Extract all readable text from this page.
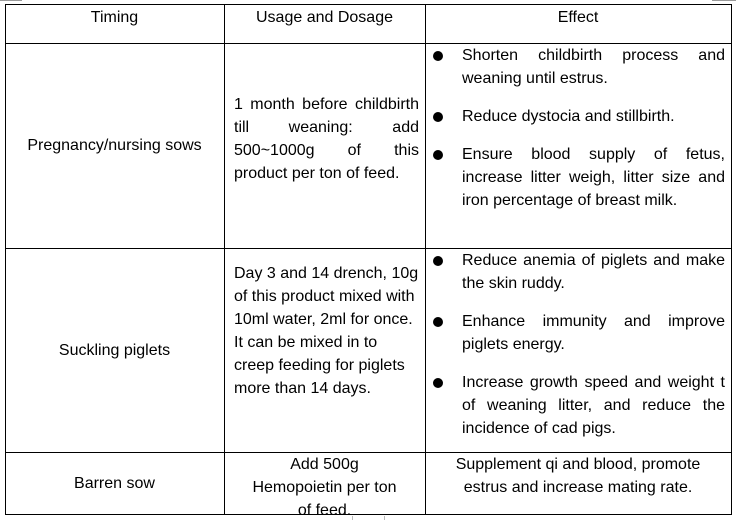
Timing	Usage and Dosage	Effect
Pregnancy/nursing sows
1 month before childbirth till weaning: add 500~1000g of this product per ton of feed.
Shorten childbirth process and weaning until estrus.
Reduce dystocia and stillbirth.
Ensure blood supply of fetus, increase litter weigh, litter size and iron percentage of breast milk.
Suckling piglets
Day 3 and 14 drench, 10g of this product mixed with 10ml water, 2ml for once. It can be mixed in to creep feeding for piglets more than 14 days.
Reduce anemia of piglets and make the skin ruddy.
Enhance immunity and improve piglets energy.
Increase growth speed and weight t of weaning litter, and reduce the incidence of cad pigs.
Barren sow
Add 500g Hemopoietin per ton of feed.
Supplement qi and blood, promote estrus and increase mating rate.
